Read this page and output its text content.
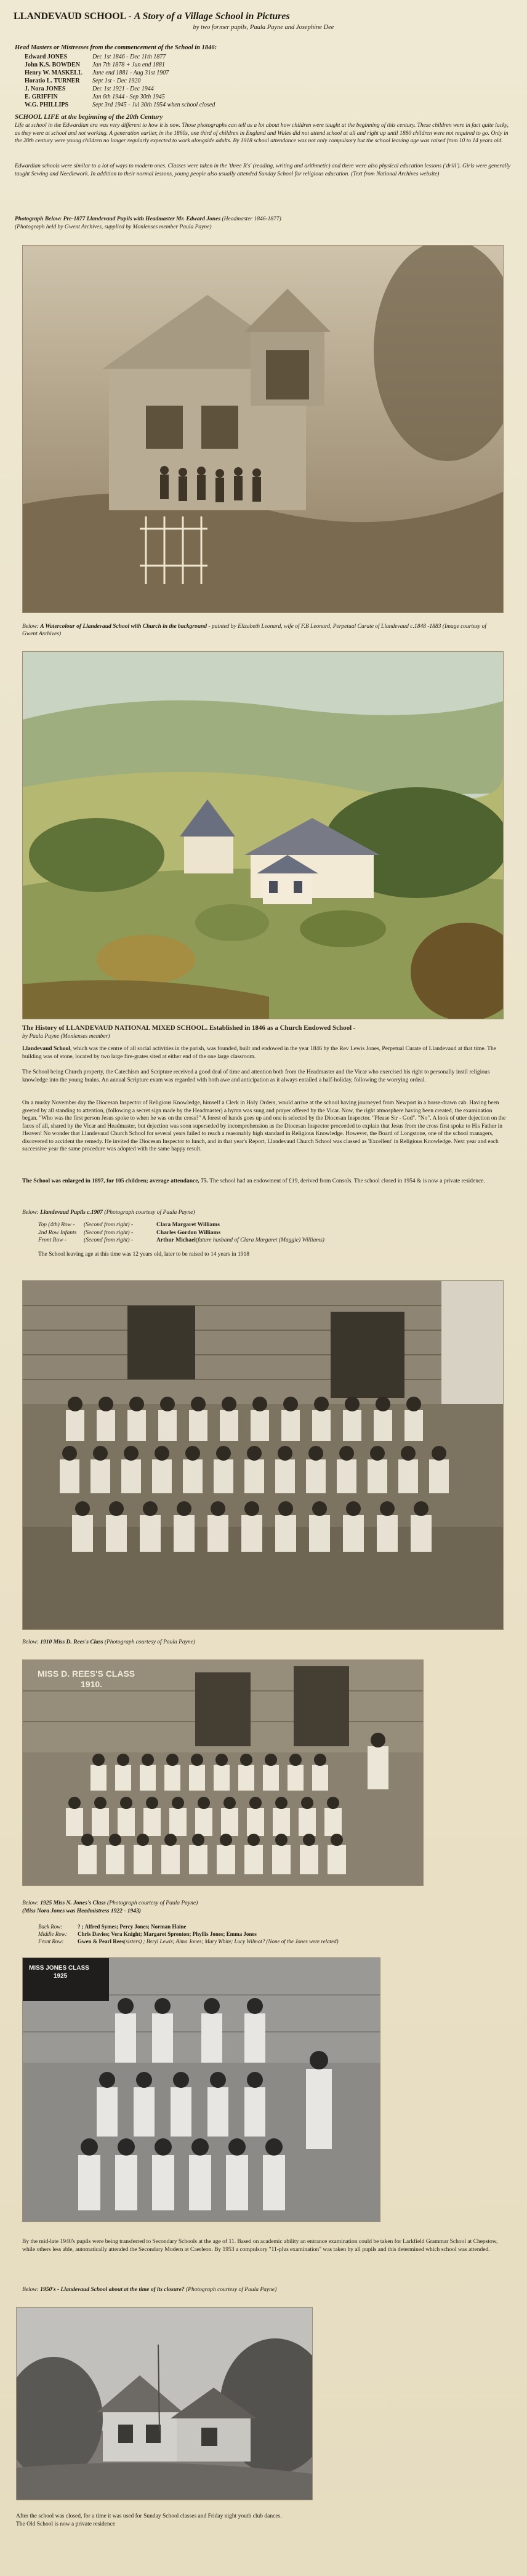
LLANDEVAUD SCHOOL - A Story of a Village School in Pictures
by two former pupils, Paula Payne and Josephine Dee
Head Masters or Mistresses from the commencement of the School in 1846:
Edward JONES	Dec 1st 1846 - Dec 11th 1877
John K.S. BOWDEN	Jan 7th 1878 + Jun end 1881
Henry W. MASKELL	June end 1881 - Aug 31st 1907
Horatio L. TURNER	Sept 1st - Dec 1920
J. Nora JONES	Dec 1st 1921 - Dec 1944
E. GRIFFIN	Jan 6th 1944 - Sep 30th 1945
W.G. PHILLIPS	Sept 3rd 1945 - Jul 30th 1954 when school closed
SCHOOL LIFE at the beginning of the 20th Century
Life at school in the Edwardian era was very different to how it is now. Those photographs can tell us a lot about how children were taught at the beginning of this century. These children were in fact quite lucky, as they were at school and not working. A generation earlier, in the 1860s, one third of children in England and Wales did not attend school at all and right up until 1880 children were not required to go. Only in the 20th century were young children no longer regularly expected to work alongside adults. By 1918 school attendance was not only compulsory but the school leaving age was raised from 10 to 14 years old.
Edwardian schools were similar to a lot of ways to modern ones. Classes were taken in the 'three R's' (reading, writing and arithmetic) and there were also physical education lessons ('drill'). Girls were generally taught Sewing and Needlework. In addition to their normal lessons, young people also usually attended Sunday School for religious education. (Text from National Archives website)
Photograph Below: Pre-1877 Llandevaud Pupils with Headmaster Mr. Edward Jones (Headmaster 1846-1877)
(Photograph held by Gwent Archives, supplied by Monlenses member Paula Payne)
Below: A Watercolour of Llandevaud School with Church in the background - painted by Elizabeth Leonard, wife of F.B Leonard, Perpetual Curate of Llandevaud c.1848 -1883 (Image courtesy of Gwent Archives)
The History of LLANDEVAUD NATIONAL MIXED SCHOOL. Established in 1846 as a Church Endowed School -
by Paula Payne (Monlenses member)
Llandevaud School, which was the centre of all social activities in the parish, was founded, built and endowed in the year 1846 by the Rev Lewis Jones, Perpetual Curate of Llandevaud at that time. The building was of stone, located by two large fire-grates sited at either end of the one large classroom.
The School being Church property, the Catechism and Scripture received a good deal of time and attention both from the Headmaster and the Vicar who exercised his right to personally instil religious knowledge into the young brains. An annual Scripture exam was regarded with both awe and anticipation as it always entailed a half-holiday, following the worrying ordeal.
On a murky November day the Diocesan Inspector of Religious Knowledge, himself a Clerk in Holy Orders, would arrive at the school having journeyed from Newport in a horse-drawn cab. Having been greeted by all standing to attention, (following a secret sign made by the Headmaster) a hymn was sung and prayer offered by the Vicar. Now, the right atmosphere having been created, the examination began. "Who was the first person Jesus spoke to when he was on the cross?" A forest of hands goes up and one is selected by the Diocesan Inspector. "Please Sir - God". "No". A look of utter dejection on the faces of all, shared by the Vicar and Headmaster, but dejection was soon superseded by incomprehension as the Diocesan Inspector proceeded to explain that Jesus from the cross first spoke to His Father in Heaven! No wonder that Llandevaud Church School for several years failed to reach a reasonably high standard in Religious Knowledge. However, the Board of Longstone, one of the school managers, discovered to accident the remedy. He invited the Diocesan Inspector to lunch, and in that year's Report, Llandevaud Church School was classed as 'Excellent' in Religious Knowledge. Next year and each successive year the same procedure was adopted with the same happy result.
The School was enlarged in 1897, for 105 children; average attendance, 75. The school had an endowment of £19, derived from Consols. The school closed in 1954 & is now a private residence.
Below: Llandevaud Pupils c.1907 (Photograph courtesy of Paula Payne)
Top (4th) Row -	(Second from right) -	Clara Margaret Williams
2nd Row Infants	(Second from right) -	Charles Gordon Williams
Front Row -	(Second from right) -	Arthur Michael (future husband of Clara Margaret (Maggie) Williams)
The School leaving age at this time was 12 years old, later to be raised to 14 years in 1918
Below: 1910 Miss D. Rees's Class (Photograph courtesy of Paula Payne)
MISS D. REES'S CLASS
1910.
Below: 1925 Miss N. Jones's Class (Photograph courtesy of Paula Payne)
(Miss Nora Jones was Headmistress 1922 - 1943)
Back Row:	? ; Alfred Symes; Percy Jones; Norman Haine
Middle Row:	Chris Davies; Vera Knight; Margaret Sprenton; Phyllis Jones; Emma Jones
Front Row:	Gwen & Pearl Rees (sisters) ; Beryl Lewis; Alma Jones; Mary White; Lucy Wilmot? (None of the Jones were related)
MISS JONES CLASS
1925
By the mid-late 1940's pupils were being transferred to Secondary Schools at the age of 11. Based on academic ability an entrance examination could be taken for Larkfield Grammar School at Chepstow, while others less able, automatically attended the Secondary Modern at Caerleon. By 1953 a compulsory "11-plus examination" was taken by all pupils and this determined which school was attended.
Below: 1950's - Llandevaud School about at the time of its closure? (Photograph courtesy of Paula Payne)
After the school was closed, for a time it was used for Sunday School classes and Friday night youth club dances.
The Old School is now a private residence
